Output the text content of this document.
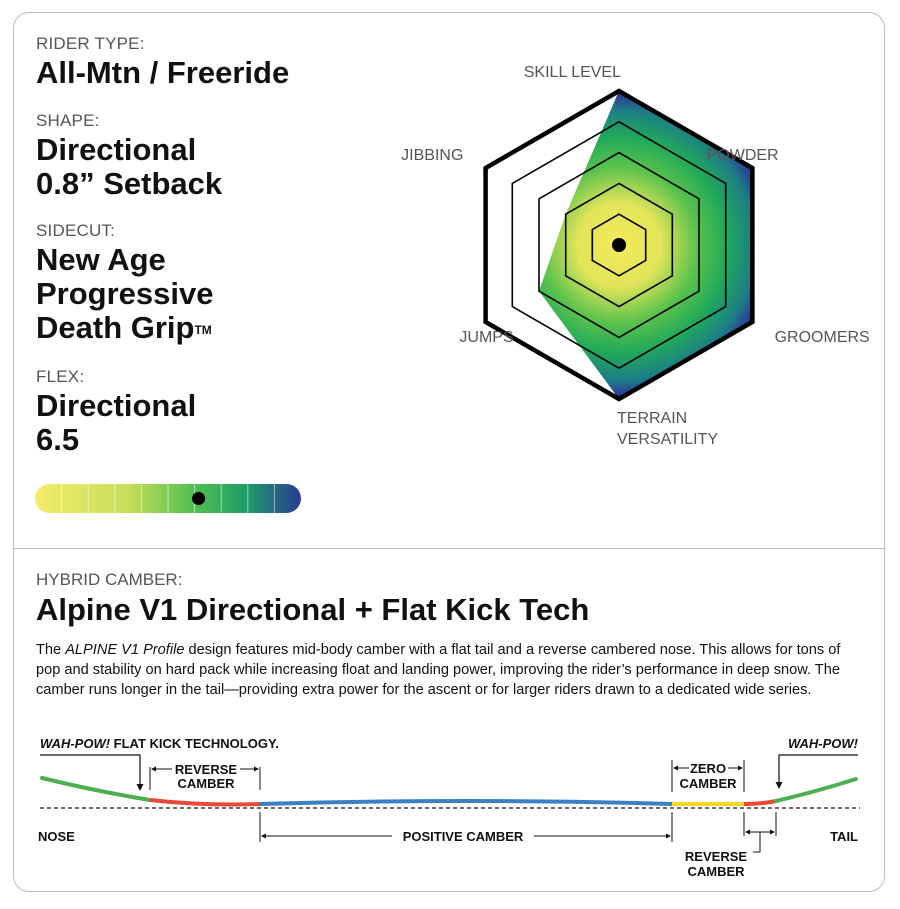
RIDER TYPE:
All-Mtn / Freeride
SHAPE:
Directional
0.8” Setback
SIDECUT:
New Age
Progressive
Death Grip™
FLEX:
Directional
6.5
SKILL LEVEL
POWDER
GROOMERS
TERRAIN VERSATILITY
JUMPS
JIBBING
HYBRID CAMBER:
Alpine V1 Directional + Flat Kick Tech
The ALPINE V1 Profile design features mid-body camber with a flat tail and a reverse cambered nose. This allows for tons of pop and stability on hard pack while increasing float and landing power, improving the rider’s performance in deep snow. The camber runs longer in the tail—providing extra power for the ascent or for larger riders drawn to a dedicated wide series.
WAH-POW! FLAT KICK TECHNOLOGY.
REVERSE
CAMBER
ZERO
CAMBER
WAH-POW!
POSITIVE CAMBER
REVERSE
CAMBER
NOSE	TAIL
